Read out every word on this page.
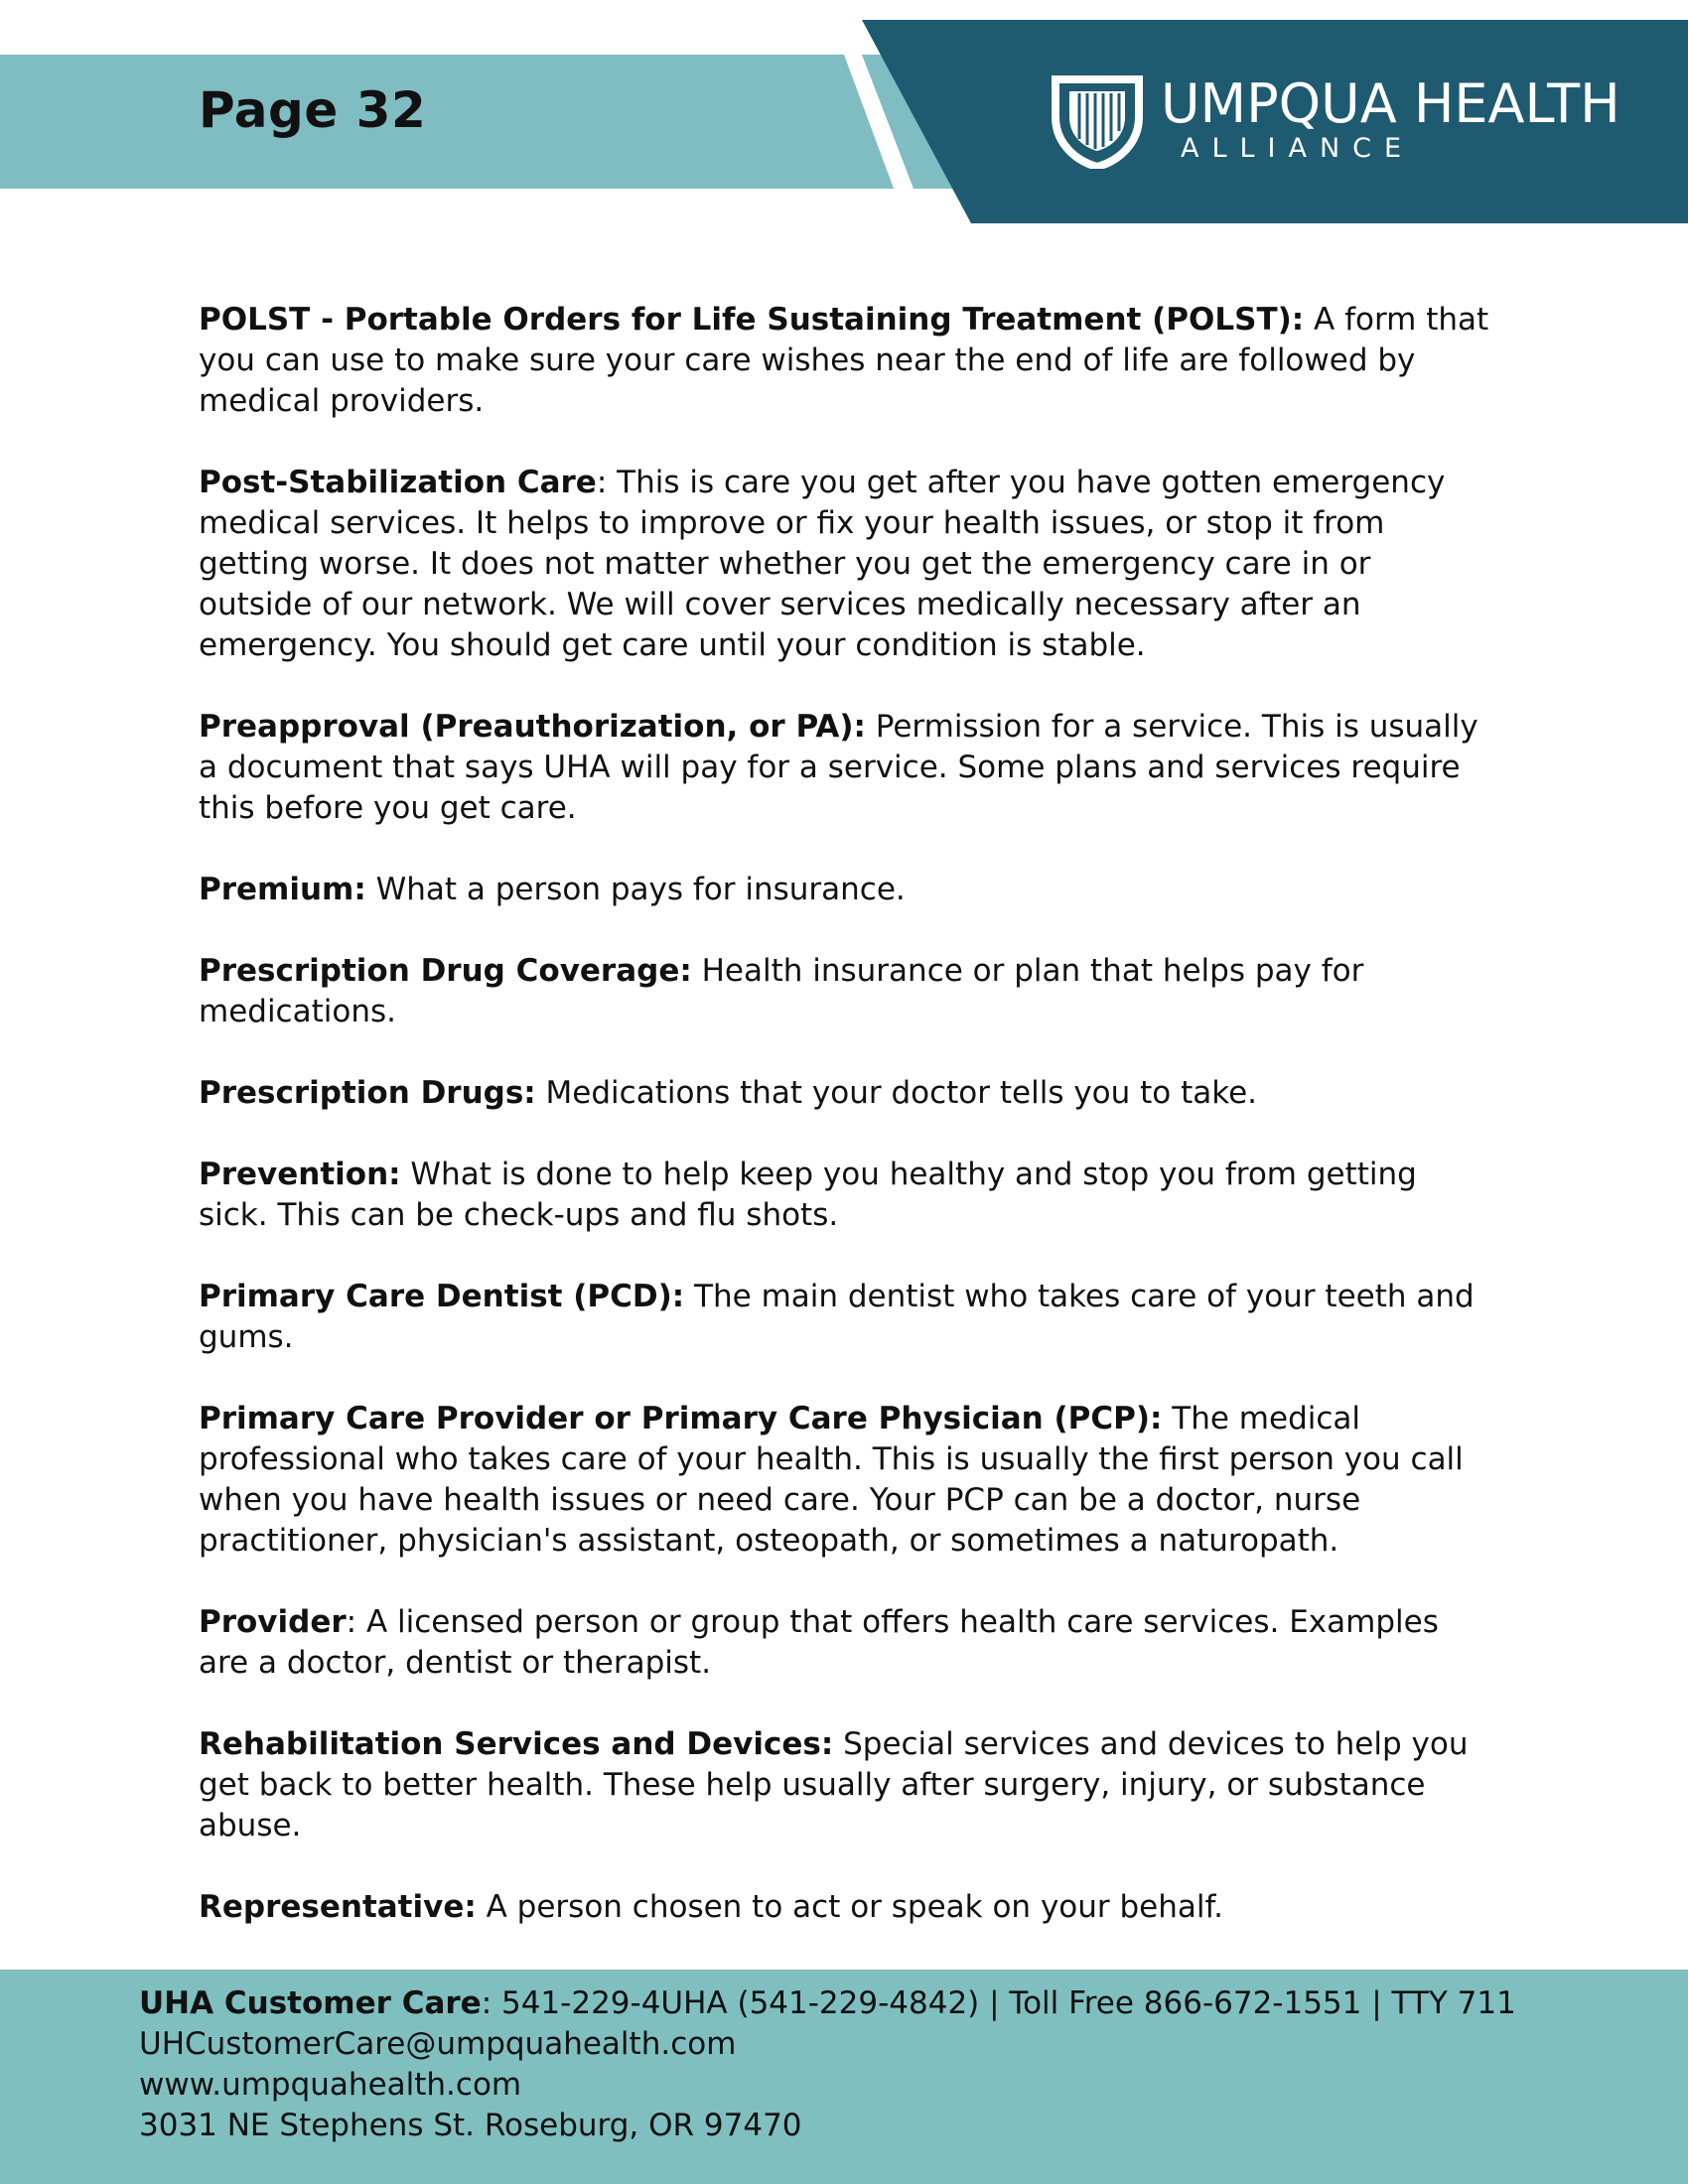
Page 32	UMPQUA HEALTH
ALLIANCE

POLST - Portable Orders for Life Sustaining Treatment (POLST): A form that you can use to make sure your care wishes near the end of life are followed by medical providers.

Post-Stabilization Care: This is care you get after you have gotten emergency medical services. It helps to improve or fix your health issues, or stop it from getting worse. It does not matter whether you get the emergency care in or outside of our network. We will cover services medically necessary after an emergency. You should get care until your condition is stable.

Preapproval (Preauthorization, or PA): Permission for a service. This is usually a document that says UHA will pay for a service. Some plans and services require this before you get care.

Premium: What a person pays for insurance.

Prescription Drug Coverage: Health insurance or plan that helps pay for medications.

Prescription Drugs: Medications that your doctor tells you to take.

Prevention: What is done to help keep you healthy and stop you from getting sick. This can be check-ups and flu shots.

Primary Care Dentist (PCD): The main dentist who takes care of your teeth and gums.

Primary Care Provider or Primary Care Physician (PCP): The medical professional who takes care of your health. This is usually the first person you call when you have health issues or need care. Your PCP can be a doctor, nurse practitioner, physician's assistant, osteopath, or sometimes a naturopath.

Provider: A licensed person or group that offers health care services. Examples are a doctor, dentist or therapist.

Rehabilitation Services and Devices: Special services and devices to help you get back to better health. These help usually after surgery, injury, or substance abuse.

Representative: A person chosen to act or speak on your behalf.

UHA Customer Care: 541-229-4UHA (541-229-4842) | Toll Free 866-672-1551 | TTY 711
UHCustomerCare@umpquahealth.com
www.umpquahealth.com
3031 NE Stephens St. Roseburg, OR 97470
